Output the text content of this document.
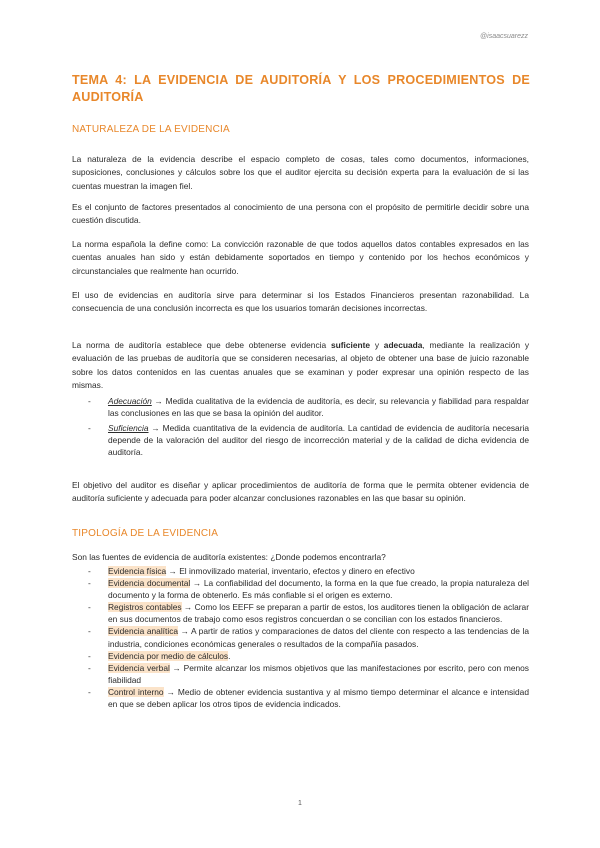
@isaacsuarezz
TEMA 4: LA EVIDENCIA DE AUDITORÍA Y LOS PROCEDIMIENTOS DE AUDITORÍA
NATURALEZA DE LA EVIDENCIA

La naturaleza de la evidencia describe el espacio completo de cosas, tales como documentos, informaciones, suposiciones, conclusiones y cálculos sobre los que el auditor ejercita su decisión experta para la evaluación de si las cuentas muestran la imagen fiel.

Es el conjunto de factores presentados al conocimiento de una persona con el propósito de permitirle decidir sobre una cuestión discutida.

La norma española la define como: La convicción razonable de que todos aquellos datos contables expresados en las cuentas anuales han sido y están debidamente soportados en tiempo y contenido por los hechos económicos y circunstanciales que realmente han ocurrido.

El uso de evidencias en auditoría sirve para determinar si los Estados Financieros presentan razonabilidad. La consecuencia de una conclusión incorrecta es que los usuarios tomarán decisiones incorrectas.

La norma de auditoría establece que debe obtenerse evidencia suficiente y adecuada, mediante la realización y evaluación de las pruebas de auditoría que se consideren necesarias, al objeto de obtener una base de juicio razonable sobre los datos contenidos en las cuentas anuales que se examinan y poder expresar una opinión respecto de las mismas.

- Adecuación → Medida cualitativa de la evidencia de auditoría, es decir, su relevancia y fiabilidad para respaldar las conclusiones en las que se basa la opinión del auditor.
- Suficiencia → Medida cuantitativa de la evidencia de auditoría. La cantidad de evidencia de auditoría necesaria depende de la valoración del auditor del riesgo de incorrección material y de la calidad de dicha evidencia de auditoría.

El objetivo del auditor es diseñar y aplicar procedimientos de auditoría de forma que le permita obtener evidencia de auditoría suficiente y adecuada para poder alcanzar conclusiones razonables en las que basar su opinión.

TIPOLOGÍA DE LA EVIDENCIA

Son las fuentes de evidencia de auditoría existentes: ¿Donde podemos encontrarla?

- Evidencia física → El inmovilizado material, inventario, efectos y dinero en efectivo
- Evidencia documental → La confiabilidad del documento, la forma en la que fue creado, la propia naturaleza del documento y la forma de obtenerlo. Es más confiable si el origen es externo.
- Registros contables → Como los EEFF se preparan a partir de estos, los auditores tienen la obligación de aclarar en sus documentos de trabajo como esos registros concuerdan o se concilian con los estados financieros.
- Evidencia analítica → A partir de ratios y comparaciones de datos del cliente con respecto a las tendencias de la industria, condiciones económicas generales o resultados de la compañía pasados.
- Evidencia por medio de cálculos.
- Evidencia verbal → Permite alcanzar los mismos objetivos que las manifestaciones por escrito, pero con menos fiabilidad
- Control interno → Medio de obtener evidencia sustantiva y al mismo tiempo determinar el alcance e intensidad en que se deben aplicar los otros tipos de evidencia indicados.
1
